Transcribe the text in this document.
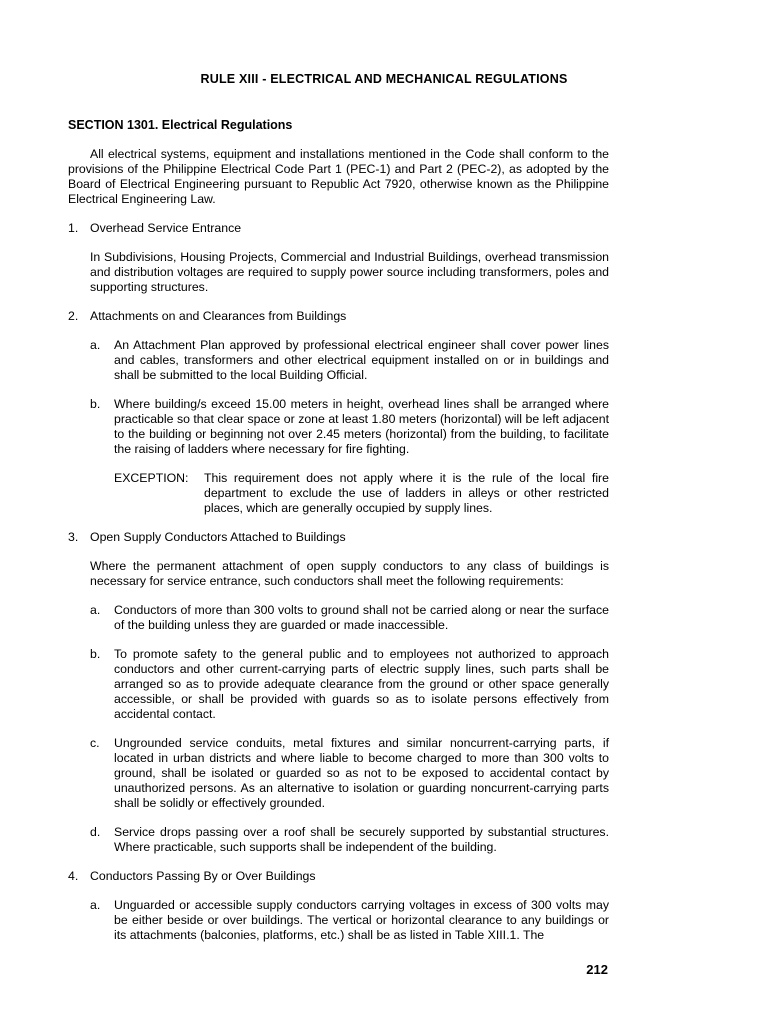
RULE XIII - ELECTRICAL AND MECHANICAL REGULATIONS

SECTION 1301. Electrical Regulations

All electrical systems, equipment and installations mentioned in the Code shall conform to the provisions of the Philippine Electrical Code Part 1 (PEC-1) and Part 2 (PEC-2), as adopted by the Board of Electrical Engineering pursuant to Republic Act 7920, otherwise known as the Philippine Electrical Engineering Law.

1. Overhead Service Entrance

In Subdivisions, Housing Projects, Commercial and Industrial Buildings, overhead transmission and distribution voltages are required to supply power source including transformers, poles and supporting structures.

2. Attachments on and Clearances from Buildings
a.	An Attachment Plan approved by professional electrical engineer shall cover power lines and cables, transformers and other electrical equipment installed on or in buildings and shall be submitted to the local Building Official.
b.	Where building/s exceed 15.00 meters in height, overhead lines shall be arranged where practicable so that clear space or zone at least 1.80 meters (horizontal) will be left adjacent to the building or beginning not over 2.45 meters (horizontal) from the building, to facilitate the raising of ladders where necessary for fire fighting.
EXCEPTION:	This requirement does not apply where it is the rule of the local fire department to exclude the use of ladders in alleys or other restricted places, which are generally occupied by supply lines.
3. Open Supply Conductors Attached to Buildings

Where the permanent attachment of open supply conductors to any class of buildings is necessary for service entrance, such conductors shall meet the following requirements:

a.	Conductors of more than 300 volts to ground shall not be carried along or near the surface of the building unless they are guarded or made inaccessible.
b.	To promote safety to the general public and to employees not authorized to approach conductors and other current-carrying parts of electric supply lines, such parts shall be arranged so as to provide adequate clearance from the ground or other space generally accessible, or shall be provided with guards so as to isolate persons effectively from accidental contact.
c.	Ungrounded service conduits, metal fixtures and similar noncurrent-carrying parts, if located in urban districts and where liable to become charged to more than 300 volts to ground, shall be isolated or guarded so as not to be exposed to accidental contact by unauthorized persons. As an alternative to isolation or guarding noncurrent-carrying parts shall be solidly or effectively grounded.
d.	Service drops passing over a roof shall be securely supported by substantial structures. Where practicable, such supports shall be independent of the building.
4. Conductors Passing By or Over Buildings
a.	Unguarded or accessible supply conductors carrying voltages in excess of 300 volts may be either beside or over buildings. The vertical or horizontal clearance to any buildings or its attachments (balconies, platforms, etc.) shall be as listed in Table XIII.1. The
212
